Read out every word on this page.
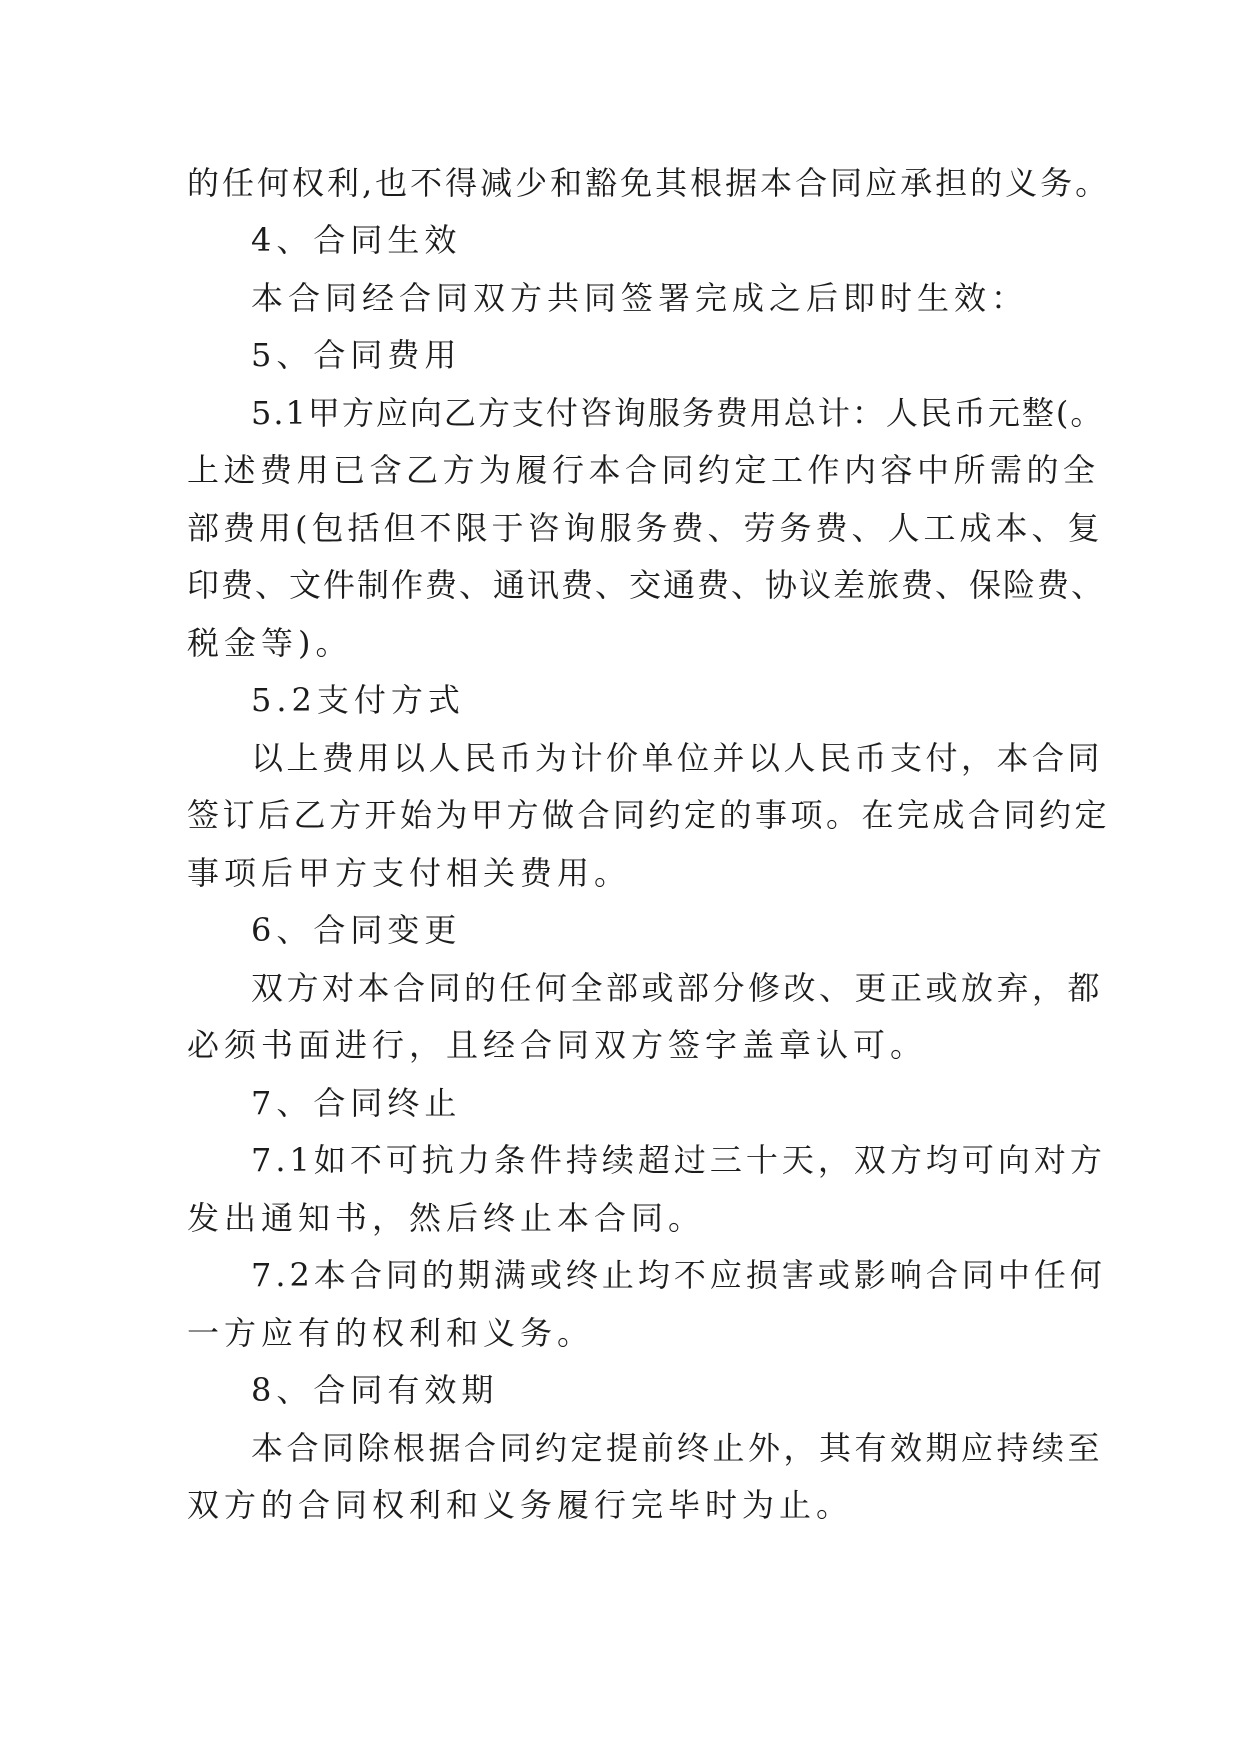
的任何权利,也不得减少和豁免其根据本合同应承担的义务。
4、合同生效
本合同经合同双方共同签署完成之后即时生效：
5、合同费用
5.1甲方应向乙方支付咨询服务费用总计：人民币元整(。
上述费用已含乙方为履行本合同约定工作内容中所需的全
部费用(包括但不限于咨询服务费、劳务费、人工成本、复
印费、文件制作费、通讯费、交通费、协议差旅费、保险费、
税金等)。
5.2支付方式
以上费用以人民币为计价单位并以人民币支付，本合同
签订后乙方开始为甲方做合同约定的事项。在完成合同约定
事项后甲方支付相关费用。
6、合同变更
双方对本合同的任何全部或部分修改、更正或放弃，都
必须书面进行，且经合同双方签字盖章认可。
7、合同终止
7.1如不可抗力条件持续超过三十天，双方均可向对方
发出通知书，然后终止本合同。
7.2本合同的期满或终止均不应损害或影响合同中任何
一方应有的权利和义务。
8、合同有效期
本合同除根据合同约定提前终止外，其有效期应持续至
双方的合同权利和义务履行完毕时为止。
